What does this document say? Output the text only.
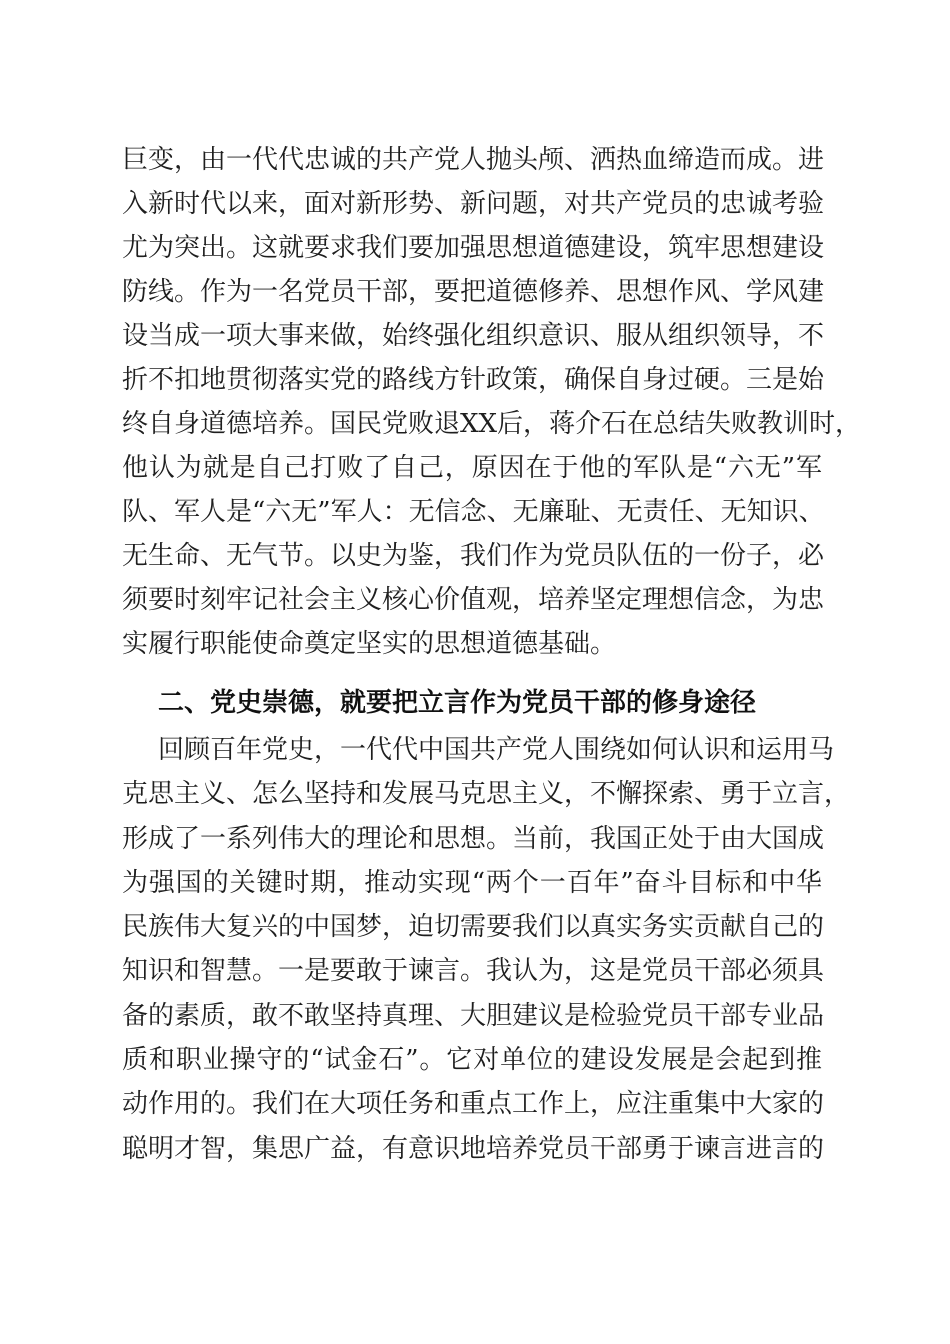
巨变，由一代代忠诚的共产党人抛头颅、洒热血缔造而成。进
入新时代以来，面对新形势、新问题，对共产党员的忠诚考验
尤为突出。这就要求我们要加强思想道德建设，筑牢思想建设
防线。作为一名党员干部，要把道德修养、思想作风、学风建
设当成一项大事来做，始终强化组织意识、服从组织领导，不
折不扣地贯彻落实党的路线方针政策，确保自身过硬。三是始
终自身道德培养。国民党败退XX后，蒋介石在总结失败教训时，
他认为就是自己打败了自己，原因在于他的军队是“六无”军
队、军人是“六无”军人：无信念、无廉耻、无责任、无知识、
无生命、无气节。以史为鉴，我们作为党员队伍的一份子，必
须要时刻牢记社会主义核心价值观，培养坚定理想信念，为忠
实履行职能使命奠定坚实的思想道德基础。
二、党史崇德，就要把立言作为党员干部的修身途径
回顾百年党史，一代代中国共产党人围绕如何认识和运用马
克思主义、怎么坚持和发展马克思主义，不懈探索、勇于立言，
形成了一系列伟大的理论和思想。当前，我国正处于由大国成
为强国的关键时期，推动实现“两个一百年”奋斗目标和中华
民族伟大复兴的中国梦，迫切需要我们以真实务实贡献自己的
知识和智慧。一是要敢于谏言。我认为，这是党员干部必须具
备的素质，敢不敢坚持真理、大胆建议是检验党员干部专业品
质和职业操守的“试金石”。它对单位的建设发展是会起到推
动作用的。我们在大项任务和重点工作上，应注重集中大家的
聪明才智，集思广益，有意识地培养党员干部勇于谏言进言的
